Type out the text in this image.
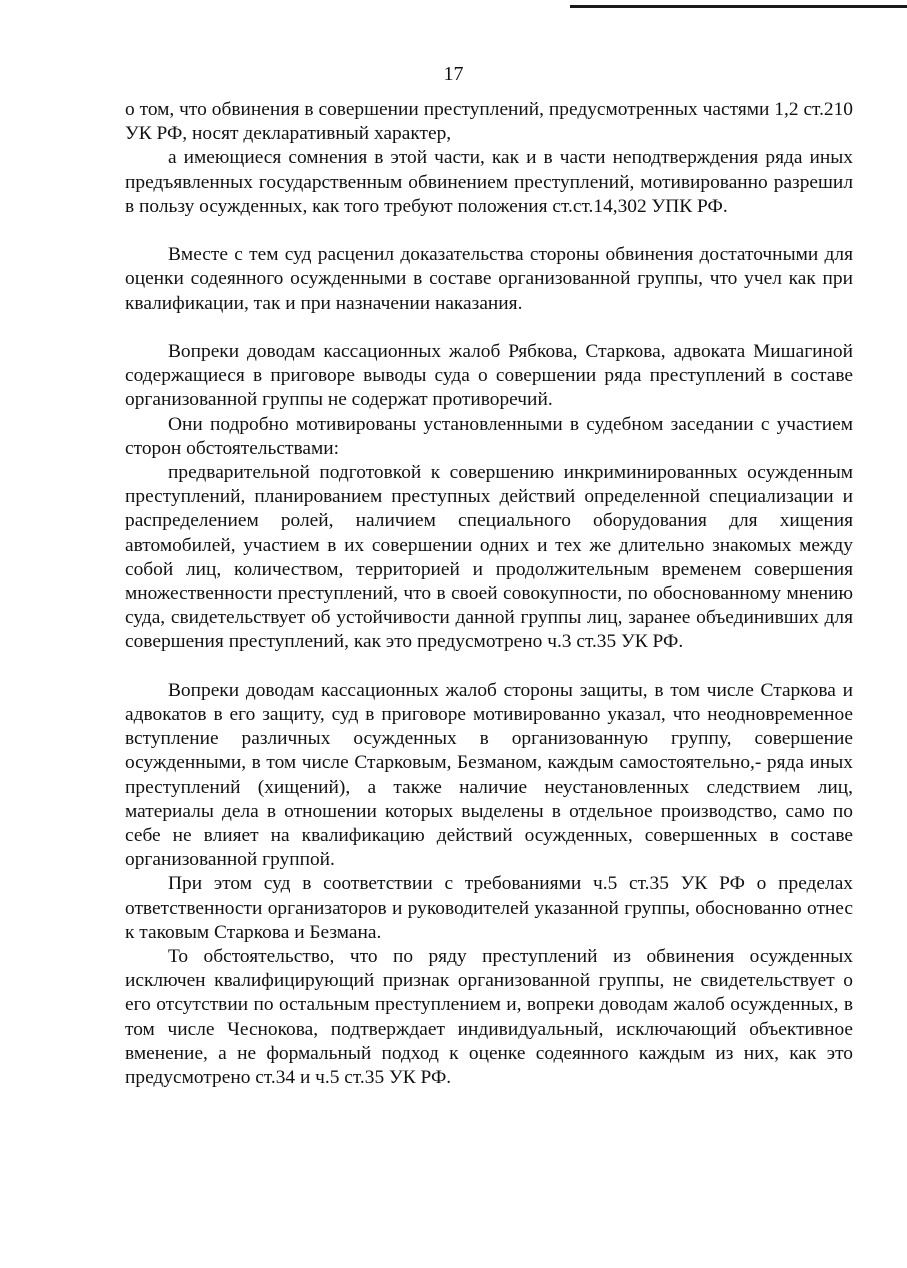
17

о том, что обвинения в совершении преступлений, предусмотренных частями 1,2 ст.210 УК РФ, носят декларативный характер,

а имеющиеся сомнения в этой части, как и в части неподтверждения ряда иных предъявленных государственным обвинением преступлений, мотивированно разрешил в пользу осужденных, как того требуют положения ст.ст.14,302 УПК РФ.

Вместе с тем суд расценил доказательства стороны обвинения достаточными для оценки содеянного осужденными в составе организованной группы, что учел как при квалификации, так и при назначении наказания.

Вопреки доводам кассационных жалоб Рябкова, Старкова, адвоката Мишагиной содержащиеся в приговоре выводы суда о совершении ряда преступлений в составе организованной группы не содержат противоречий.

Они подробно мотивированы установленными в судебном заседании с участием сторон обстоятельствами:

предварительной подготовкой к совершению инкриминированных осужденным преступлений, планированием преступных действий определенной специализации и распределением ролей, наличием специального оборудования для хищения автомобилей, участием в их совершении одних и тех же длительно знакомых между собой лиц, количеством, территорией и продолжительным временем совершения множественности преступлений, что в своей совокупности, по обоснованному мнению суда, свидетельствует об устойчивости данной группы лиц, заранее объединивших для совершения преступлений, как это предусмотрено ч.3 ст.35 УК РФ.

Вопреки доводам кассационных жалоб стороны защиты, в том числе Старкова и адвокатов в его защиту, суд в приговоре мотивированно указал, что неодновременное вступление различных осужденных в организованную группу, совершение осужденными, в том числе Старковым, Безманом, каждым самостоятельно,- ряда иных преступлений (хищений), а также наличие неустановленных следствием лиц, материалы дела в отношении которых выделены в отдельное производство, само по себе не влияет на квалификацию действий осужденных, совершенных в составе организованной группой.

При этом суд в соответствии с требованиями ч.5 ст.35 УК РФ о пределах ответственности организаторов и руководителей указанной группы, обоснованно отнес к таковым Старкова и Безмана.

То обстоятельство, что по ряду преступлений из обвинения осужденных исключен квалифицирующий признак организованной группы, не свидетельствует о его отсутствии по остальным преступлением и, вопреки доводам жалоб осужденных, в том числе Чеснокова, подтверждает индивидуальный, исключающий объективное вменение, а не формальный подход к оценке содеянного каждым из них, как это предусмотрено ст.34 и ч.5 ст.35 УК РФ.
